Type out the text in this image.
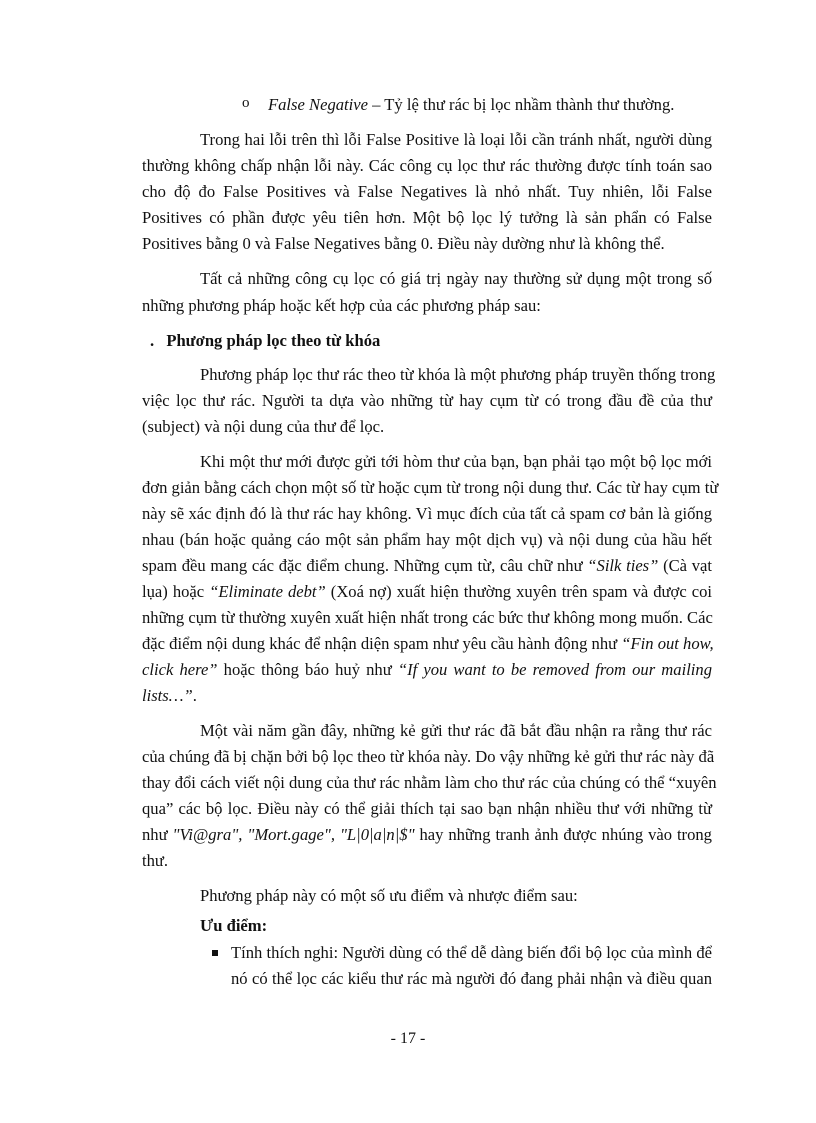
o False Negative – Tỷ lệ thư rác bị lọc nhầm thành thư thường.
Trong hai lỗi trên thì lỗi False Positive là loại lỗi cần tránh nhất, người dùng
thường không chấp nhận lỗi này. Các công cụ lọc thư rác thường được tính toán sao
cho độ đo False Positives và False Negatives là nhỏ nhất. Tuy nhiên, lỗi False
Positives có phần được yêu tiên hơn. Một bộ lọc lý tưởng là sản phẩn có False
Positives bằng 0 và False Negatives bằng 0. Điều này dường như là không thể.
Tất cả những công cụ lọc có giá trị ngày nay thường sử dụng một trong số
những phương pháp hoặc kết hợp của các phương pháp sau:
. Phương pháp lọc theo từ khóa
Phương pháp lọc thư rác theo từ khóa là một phương pháp truyền thống trong
việc lọc thư rác. Người ta dựa vào những từ hay cụm từ có trong đầu đề của thư
(subject) và nội dung của thư để lọc.
Khi một thư mới được gửi tới hòm thư của bạn, bạn phải tạo một bộ lọc mới
đơn giản bằng cách chọn một số từ hoặc cụm từ trong nội dung thư. Các từ hay cụm từ
này sẽ xác định đó là thư rác hay không. Vì mục đích của tất cả spam cơ bản là giống
nhau (bán hoặc quảng cáo một sản phẩm hay một dịch vụ) và nội dung của hầu hết
spam đều mang các đặc điểm chung. Những cụm từ, câu chữ như “Silk ties” (Cà vạt
lụa) hoặc “Eliminate debt” (Xoá nợ) xuất hiện thường xuyên trên spam và được coi
những cụm từ thường xuyên xuất hiện nhất trong các bức thư không mong muốn. Các
đặc điểm nội dung khác để nhận diện spam như yêu cầu hành động như “Fin out how,
click here” hoặc thông báo huỷ như “If you want to be removed from our mailing
lists…”.
Một vài năm gần đây, những kẻ gửi thư rác đã bắt đầu nhận ra rằng thư rác
của chúng đã bị chặn bởi bộ lọc theo từ khóa này. Do vậy những kẻ gửi thư rác này đã
thay đổi cách viết nội dung của thư rác nhằm làm cho thư rác của chúng có thể “xuyên
qua” các bộ lọc. Điều này có thể giải thích tại sao bạn nhận nhiều thư với những từ
như "Vi@gra", "Mort.gage", "L|0|a|n|$" hay những tranh ảnh được nhúng vào trong
thư.
Phương pháp này có một số ưu điểm và nhược điểm sau:
Ưu điểm:
Tính thích nghi: Người dùng có thể dễ dàng biến đổi bộ lọc của mình để
nó có thể lọc các kiểu thư rác mà người đó đang phải nhận và điều quan
- 17 -
